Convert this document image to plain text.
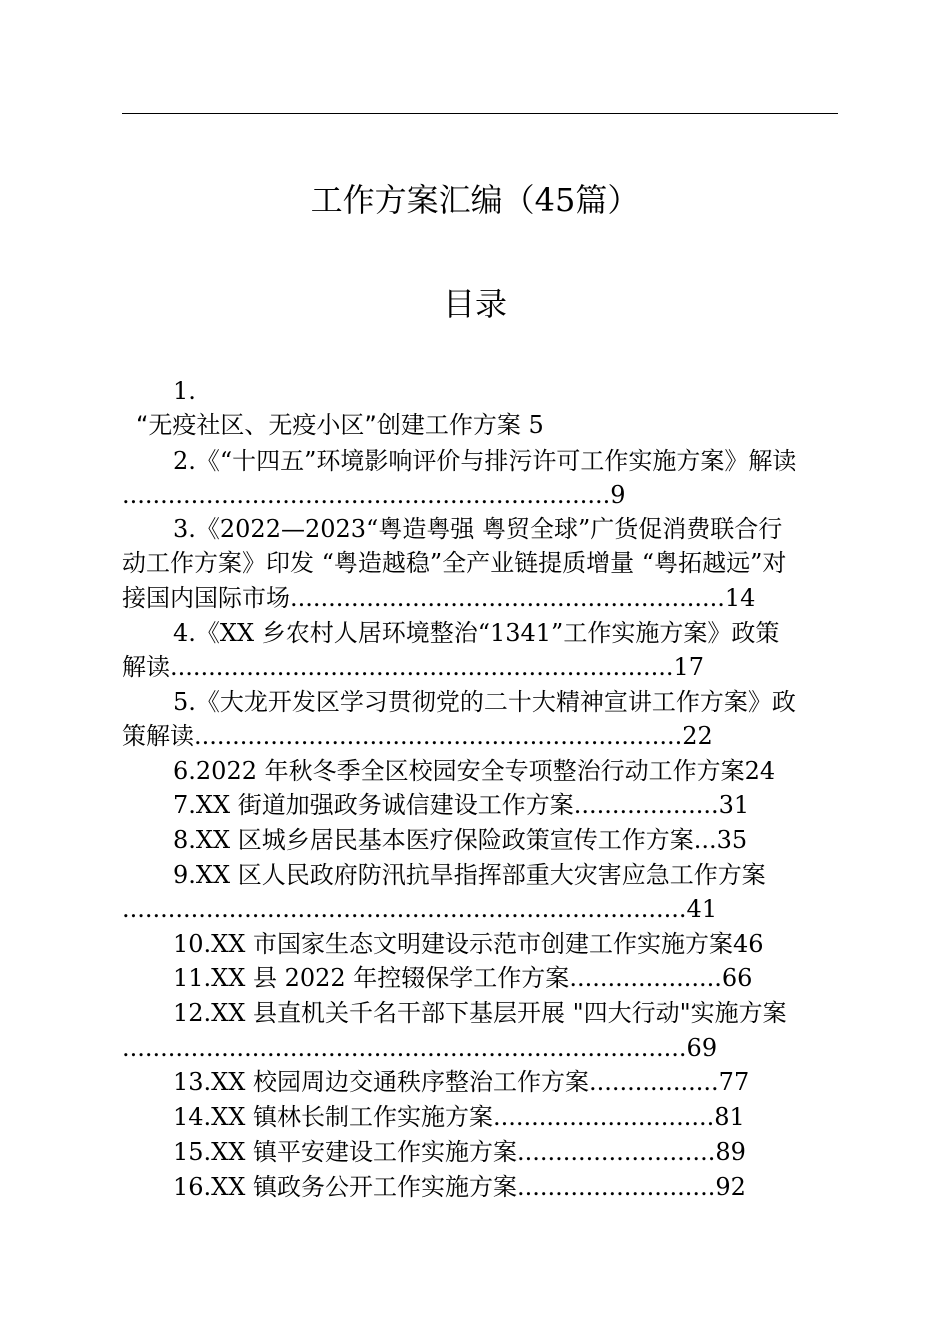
工作方案汇编（45篇）
目录
1.
“无疫社区、无疫小区”创建工作方案 5
2.《“十四五”环境影响评价与排污许可工作实施方案》解读
................................................................9
3.《2022—2023“粤造粤强 粤贸全球”广货促消费联合行
动工作方案》印发 “粤造越稳”全产业链提质增量 “粤拓越远”对
接国内国际市场.........................................................14
4.《XX 乡农村人居环境整治“1341”工作实施方案》政策
解读..................................................................17
5.《大龙开发区学习贯彻党的二十大精神宣讲工作方案》政
策解读................................................................22
6.2022 年秋冬季全区校园安全专项整治行动工作方案24
7.XX 街道加强政务诚信建设工作方案...................31
8.XX 区城乡居民基本医疗保险政策宣传工作方案...35
9.XX 区人民政府防汛抗旱指挥部重大灾害应急工作方案
..........................................................................41
10.XX 市国家生态文明建设示范市创建工作实施方案46
11.XX 县 2022 年控辍保学工作方案....................66
12.XX 县直机关千名干部下基层开展 "四大行动"实施方案
..........................................................................69
13.XX 校园周边交通秩序整治工作方案.................77
14.XX 镇林长制工作实施方案.............................81
15.XX 镇平安建设工作实施方案..........................89
16.XX 镇政务公开工作实施方案..........................92
